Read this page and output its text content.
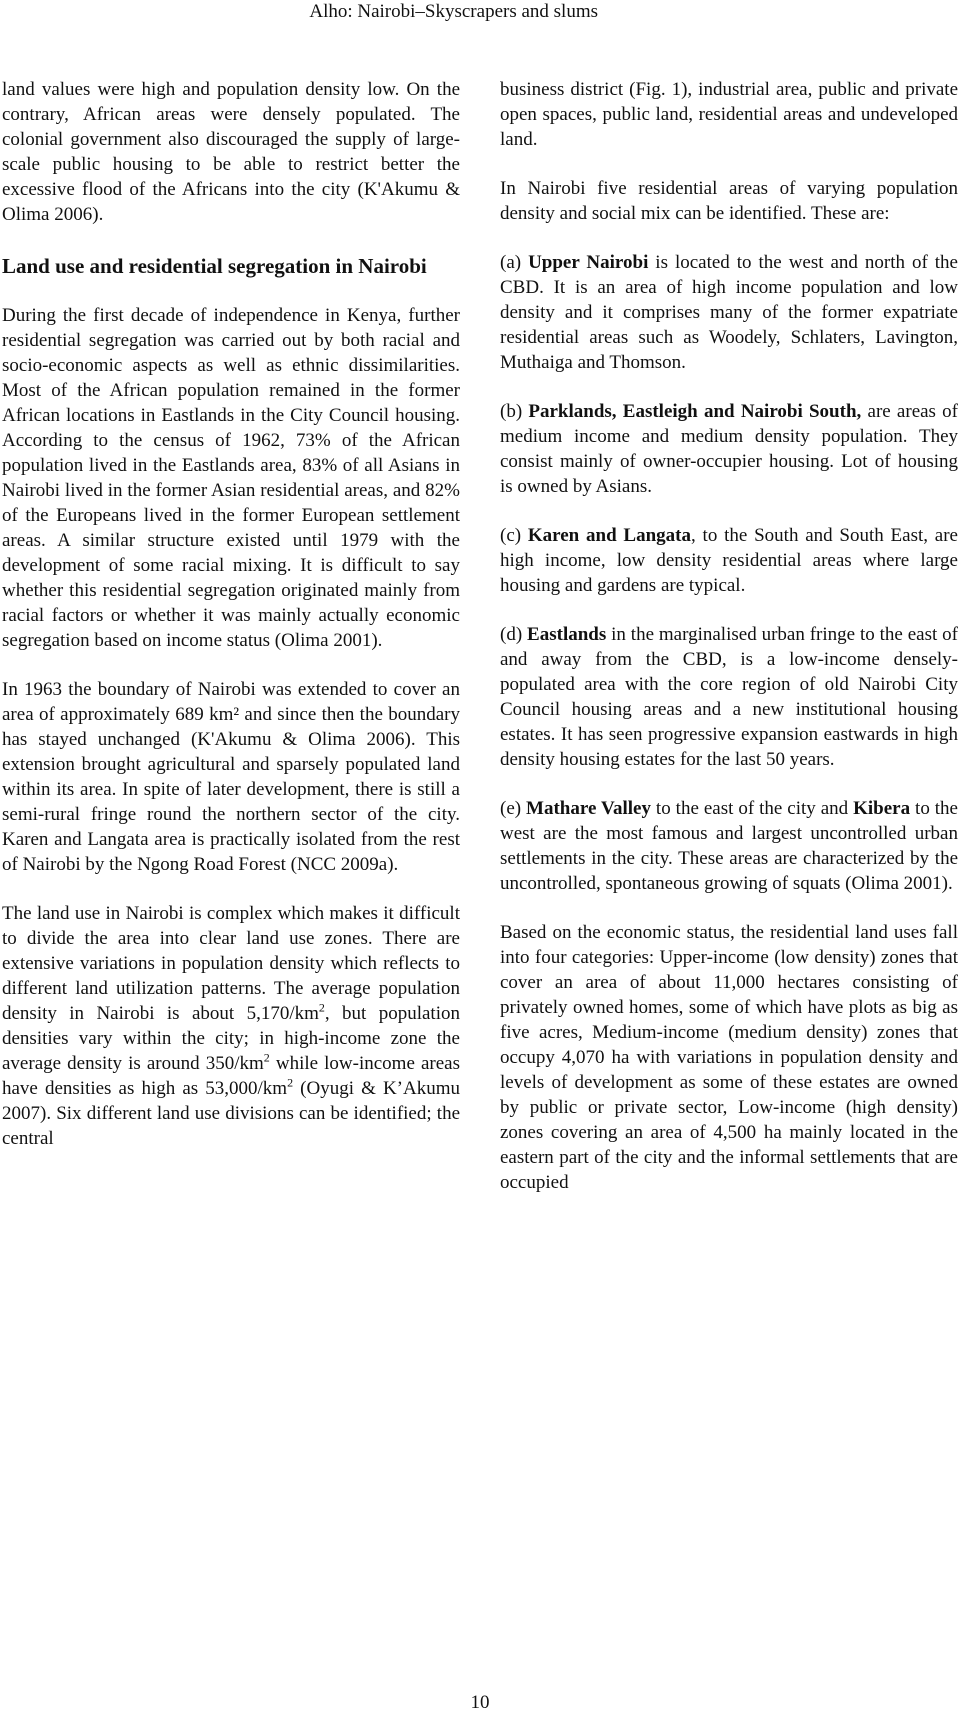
Alho: Nairobi–Skyscrapers and slums

land values were high and population density low. On the contrary, African areas were densely populated. The colonial government also discouraged the supply of large-scale public housing to be able to restrict better the excessive flood of the Africans into the city (K'Akumu & Olima 2006).

Land use and residential segregation in Nairobi

During the first decade of independence in Kenya, further residential segregation was carried out by both racial and socio-economic aspects as well as ethnic dissimilarities. Most of the African population remained in the former African locations in Eastlands in the City Council housing. According to the census of 1962, 73% of the African population lived in the Eastlands area, 83% of all Asians in Nairobi lived in the former Asian residential areas, and 82% of the Europeans lived in the former European settlement areas. A similar structure existed until 1979 with the development of some racial mixing. It is difficult to say whether this residential segregation originated mainly from racial factors or whether it was mainly actually economic segregation based on income status (Olima 2001).

In 1963 the boundary of Nairobi was extended to cover an area of approximately 689 km² and since then the boundary has stayed unchanged (K'Akumu & Olima 2006). This extension brought agricultural and sparsely populated land within its area. In spite of later development, there is still a semi-rural fringe round the northern sector of the city. Karen and Langata area is practically isolated from the rest of Nairobi by the Ngong Road Forest (NCC 2009a).

The land use in Nairobi is complex which makes it difficult to divide the area into clear land use zones. There are extensive variations in population density which reflects to different land utilization patterns. The average population density in Nairobi is about $5,170/km^2$, but population densities vary within the city; in high-income zone the average density is around $350/km^2$ while low-income areas have densities as high as $53,000/km^2$ (Oyugi & K’Akumu 2007). Six different land use divisions can be identified; the central

business district (Fig. 1), industrial area, public and private open spaces, public land, residential areas and undeveloped land.

In Nairobi five residential areas of varying population density and social mix can be identified. These are:

(a) Upper Nairobi is located to the west and north of the CBD. It is an area of high income population and low density and it comprises many of the former expatriate residential areas such as Woodely, Schlaters, Lavington, Muthaiga and Thomson.

(b) Parklands, Eastleigh and Nairobi South, are areas of medium income and medium density population. They consist mainly of owner-occupier housing. Lot of housing is owned by Asians.

(c) Karen and Langata, to the South and South East, are high income, low density residential areas where large housing and gardens are typical.

(d) Eastlands in the marginalised urban fringe to the east of and away from the CBD, is a low-income densely-populated area with the core region of old Nairobi City Council housing areas and a new institutional housing estates. It has seen progressive expansion eastwards in high density housing estates for the last 50 years.

(e) Mathare Valley to the east of the city and Kibera to the west are the most famous and largest uncontrolled urban settlements in the city. These areas are characterized by the uncontrolled, spontaneous growing of squats (Olima 2001).

Based on the economic status, the residential land uses fall into four categories: Upper-income (low density) zones that cover an area of about 11,000 hectares consisting of privately owned homes, some of which have plots as big as five acres, Medium-income (medium density) zones that occupy 4,070 ha with variations in population density and levels of development as some of these estates are owned by public or private sector, Low-income (high density) zones covering an area of 4,500 ha mainly located in the eastern part of the city and the informal settlements that are occupied

10
